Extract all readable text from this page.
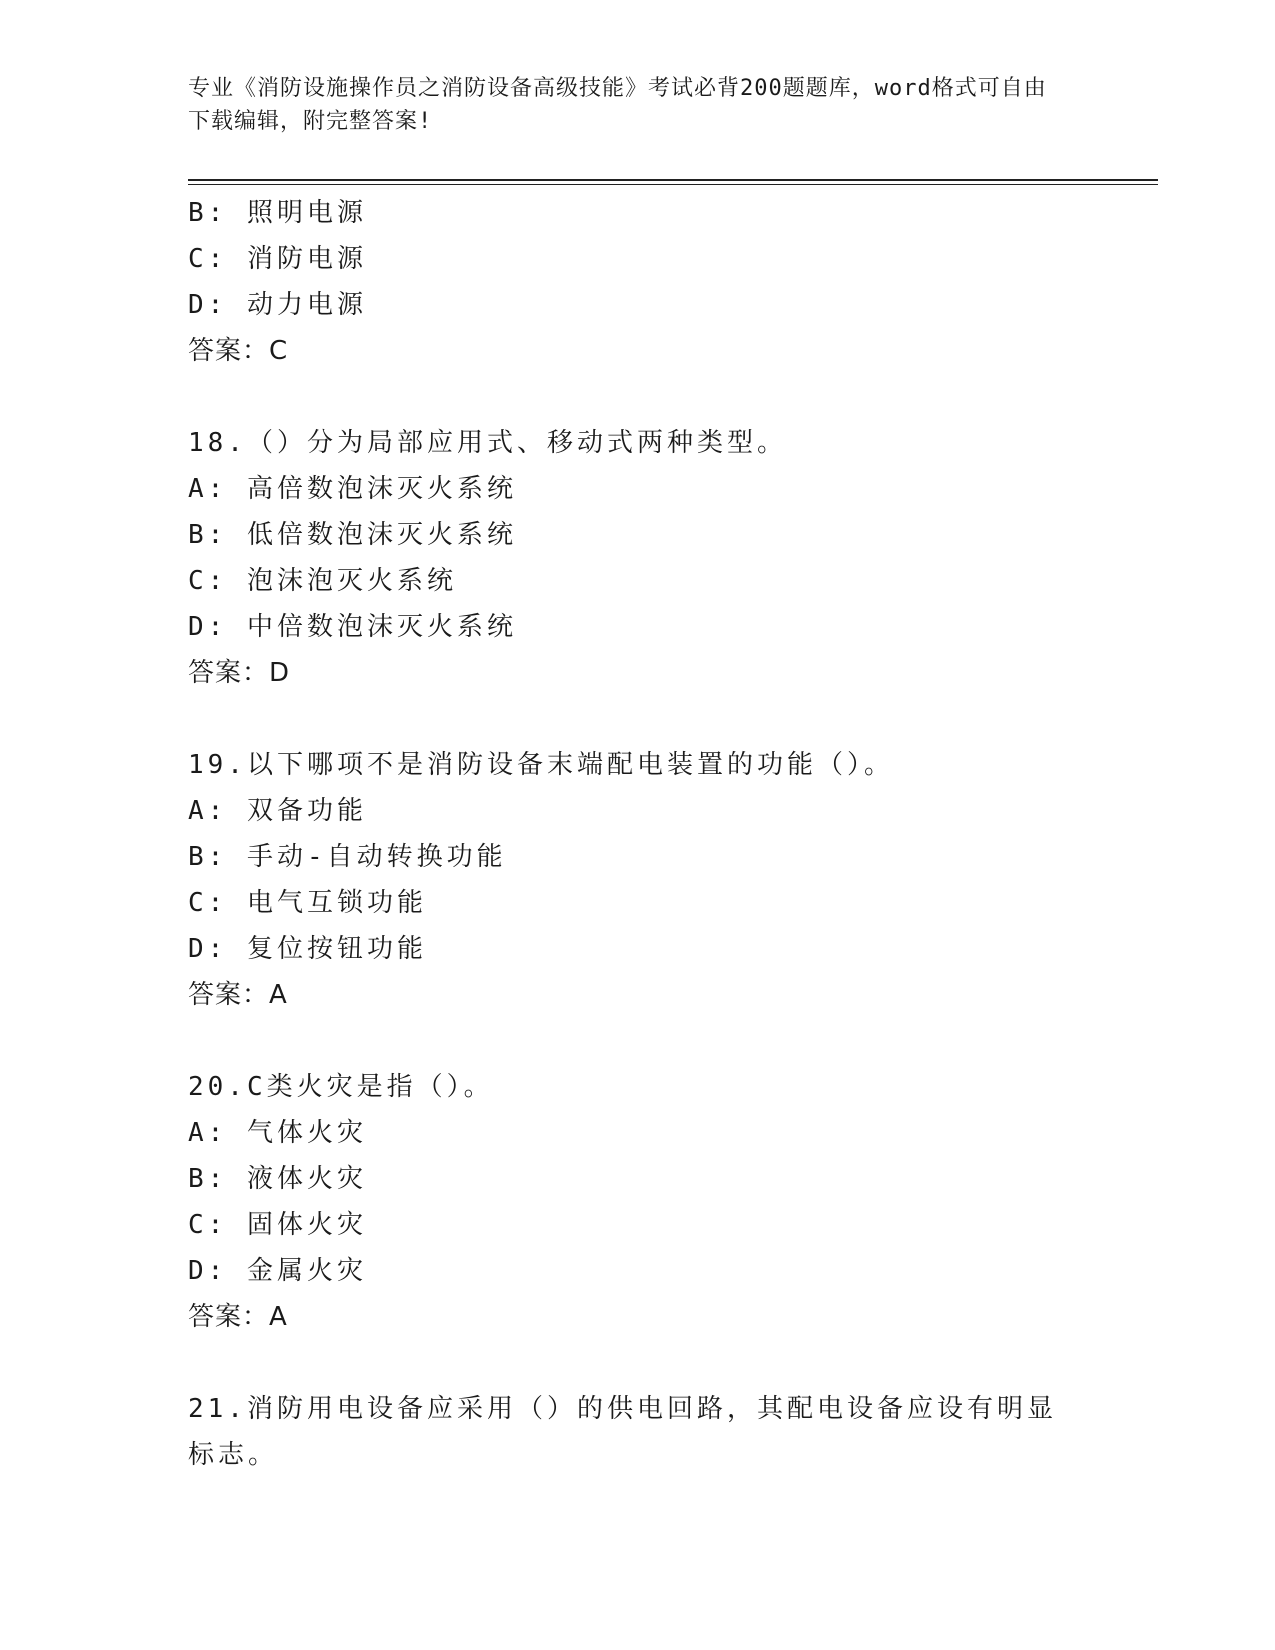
专业《消防设施操作员之消防设备高级技能》考试必背200题题库，word格式可自由下载编辑，附完整答案!
B: 照明电源
C: 消防电源
D: 动力电源
答案：C
18.（）分为局部应用式、移动式两种类型。
A: 高倍数泡沫灭火系统
B: 低倍数泡沫灭火系统
C: 泡沫泡灭火系统
D: 中倍数泡沫灭火系统
答案：D
19.以下哪项不是消防设备末端配电装置的功能（）。
A: 双备功能
B: 手动-自动转换功能
C: 电气互锁功能
D: 复位按钮功能
答案：A
20.C类火灾是指（）。
A: 气体火灾
B: 液体火灾
C: 固体火灾
D: 金属火灾
答案：A
21.消防用电设备应采用（）的供电回路，其配电设备应设有明显标志。
